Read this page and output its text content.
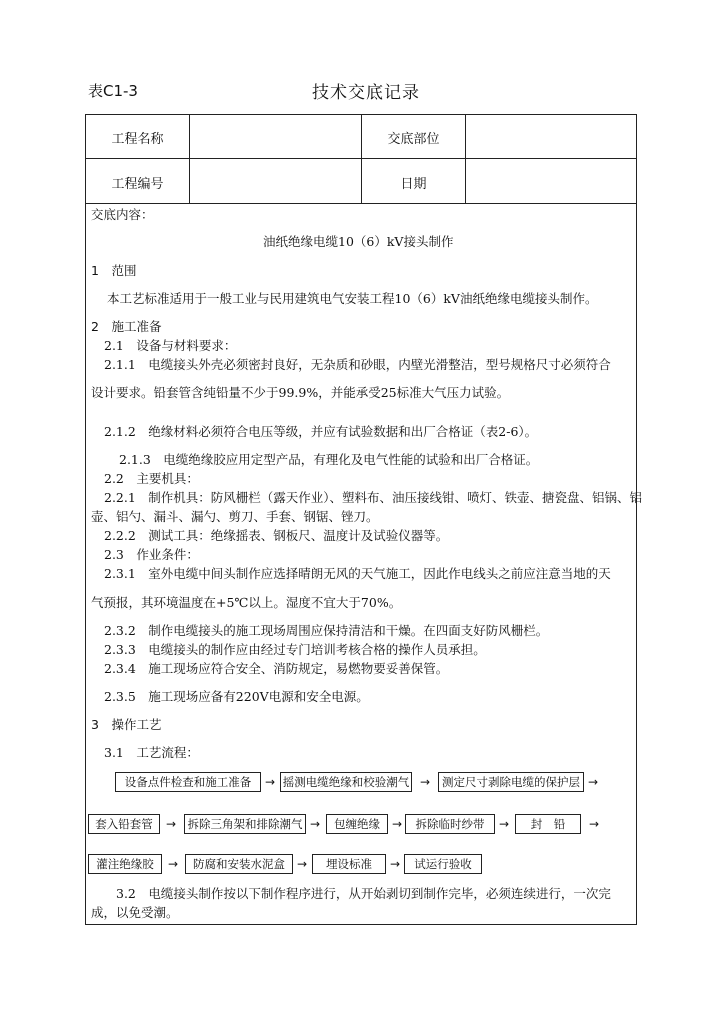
表C1-3	技术交底记录
工程名称	交底部位
工程编号	日期
交底内容：
油纸绝缘电缆10（6）kV接头制作
1　范围
本工艺标准适用于一般工业与民用建筑电气安装工程10（6）kV油纸绝缘电缆接头制作。
2　施工准备
2.1　设备与材料要求：
2.1.1　电缆接头外壳必须密封良好，无杂质和砂眼，内壁光滑整洁，型号规格尺寸必须符合
设计要求。铅套管含纯铅量不少于99.9%，并能承受25标准大气压力试验。
2.1.2　绝缘材料必须符合电压等级，并应有试验数据和出厂合格证（表2-6）。
2.1.3　电缆绝缘胶应用定型产品，有理化及电气性能的试验和出厂合格证。
2.2　主要机具：
2.2.1　制作机具：防风栅栏（露天作业）、塑料布、油压接线钳、喷灯、铁壶、搪瓷盘、铝锅、铝
壶、铝勺、漏斗、漏勺、剪刀、手套、钢锯、锉刀。
2.2.2　测试工具：绝缘摇表、钢板尺、温度计及试验仪器等。
2.3　作业条件：
2.3.1　室外电缆中间头制作应选择晴朗无风的天气施工，因此作电线头之前应注意当地的天
气预报，其环境温度在+5℃以上。湿度不宜大于70%。
2.3.2　制作电缆接头的施工现场周围应保持清洁和干燥。在四面支好防风栅栏。
2.3.3　电缆接头的制作应由经过专门培训考核合格的操作人员承担。
2.3.4　施工现场应符合安全、消防规定，易燃物要妥善保管。
2.3.5　施工现场应备有220V电源和安全电源。
3　操作工艺
3.1　工艺流程：
设备点件检查和施工准备	→ 摇测电缆绝缘和校验潮气 →	测定尺寸剥除电缆的保护层 →
套入铅套管	→ 拆除三角架和排除潮气 →	包缠绝缘	→	拆除临时纱带	→	封　铅	→
灌注绝缘胶	→	防腐和安装水泥盒	→	埋设标准	→	试运行验收
3.2　电缆接头制作按以下制作程序进行，从开始剥切到制作完毕，必须连续进行，一次完
成，以免受潮。
